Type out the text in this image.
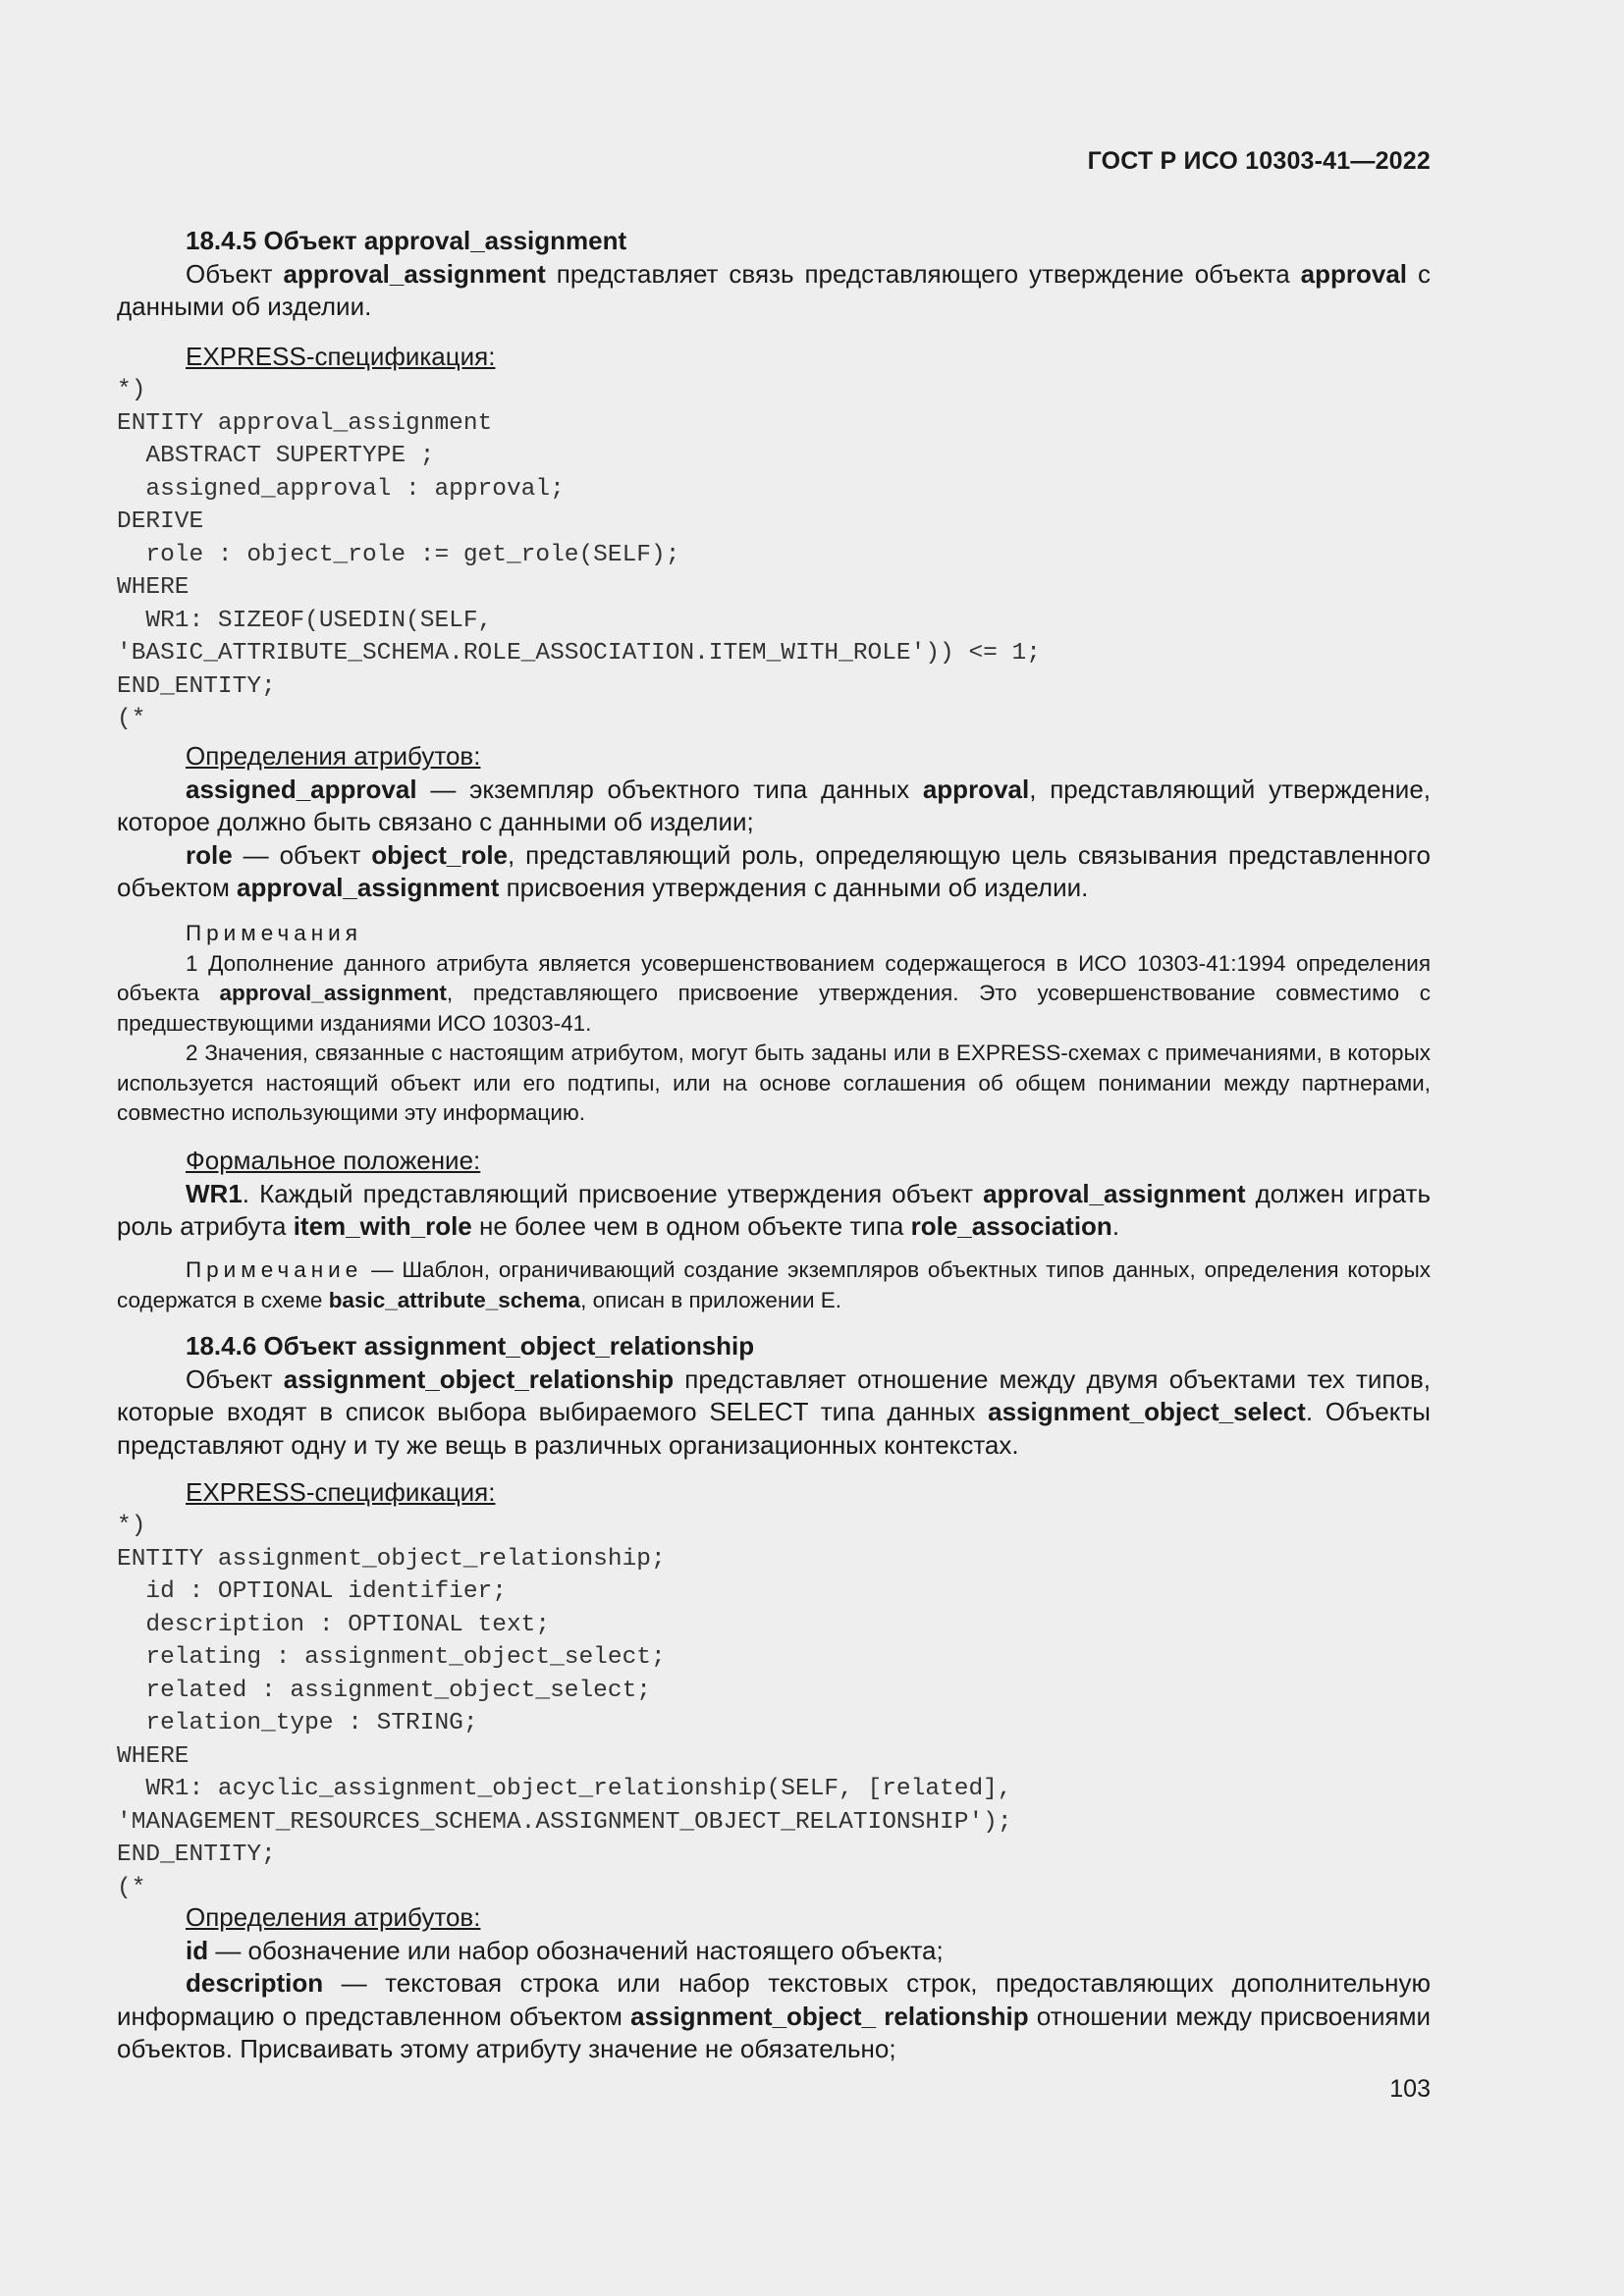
ГОСТ Р ИСО 10303-41—2022

18.4.5 Объект approval_assignment

Объект approval_assignment представляет связь представляющего утверждение объекта approval с данными об изделии.

EXPRESS-спецификация:

*)
ENTITY approval_assignment
ABSTRACT SUPERTYPE ;
assigned_approval : approval;
DERIVE
role : object_role := get_role(SELF);
WHERE
WR1: SIZEOF(USEDIN(SELF,
'BASIC_ATTRIBUTE_SCHEMA.ROLE_ASSOCIATION.ITEM_WITH_ROLE')) <= 1;
END_ENTITY;
(*

Определения атрибутов:

assigned_approval — экземпляр объектного типа данных approval, представляющий утверждение, которое должно быть связано с данными об изделии;

role — объект object_role, представляющий роль, определяющую цель связывания представленного объектом approval_assignment присвоения утверждения с данными об изделии.

Примечания

1 Дополнение данного атрибута является усовершенствованием содержащегося в ИСО 10303-41:1994 определения объекта approval_assignment, представляющего присвоение утверждения. Это усовершенствование совместимо с предшествующими изданиями ИСО 10303-41.

2 Значения, связанные с настоящим атрибутом, могут быть заданы или в EXPRESS-схемах с примечаниями, в которых используется настоящий объект или его подтипы, или на основе соглашения об общем понимании между партнерами, совместно использующими эту информацию.

Формальное положение:

WR1. Каждый представляющий присвоение утверждения объект approval_assignment должен играть роль атрибута item_with_role не более чем в одном объекте типа role_association.

Примечание — Шаблон, ограничивающий создание экземпляров объектных типов данных, определения которых содержатся в схеме basic_attribute_schema, описан в приложении E.

18.4.6 Объект assignment_object_relationship

Объект assignment_object_relationship представляет отношение между двумя объектами тех типов, которые входят в список выбора выбираемого SELECT типа данных assignment_object_select. Объекты представляют одну и ту же вещь в различных организационных контекстах.

EXPRESS-спецификация:

*)
ENTITY assignment_object_relationship;
id : OPTIONAL identifier;
description : OPTIONAL text;
relating : assignment_object_select;
related : assignment_object_select;
relation_type : STRING;
WHERE
WR1: acyclic_assignment_object_relationship(SELF, [related],
'MANAGEMENT_RESOURCES_SCHEMA.ASSIGNMENT_OBJECT_RELATIONSHIP');
END_ENTITY;
(*

Определения атрибутов:

id — обозначение или набор обозначений настоящего объекта;

description — текстовая строка или набор текстовых строк, предоставляющих дополнительную информацию о представленном объектом assignment_object_ relationship отношении между присвоениями объектов. Присваивать этому атрибуту значение не обязательно;

103
